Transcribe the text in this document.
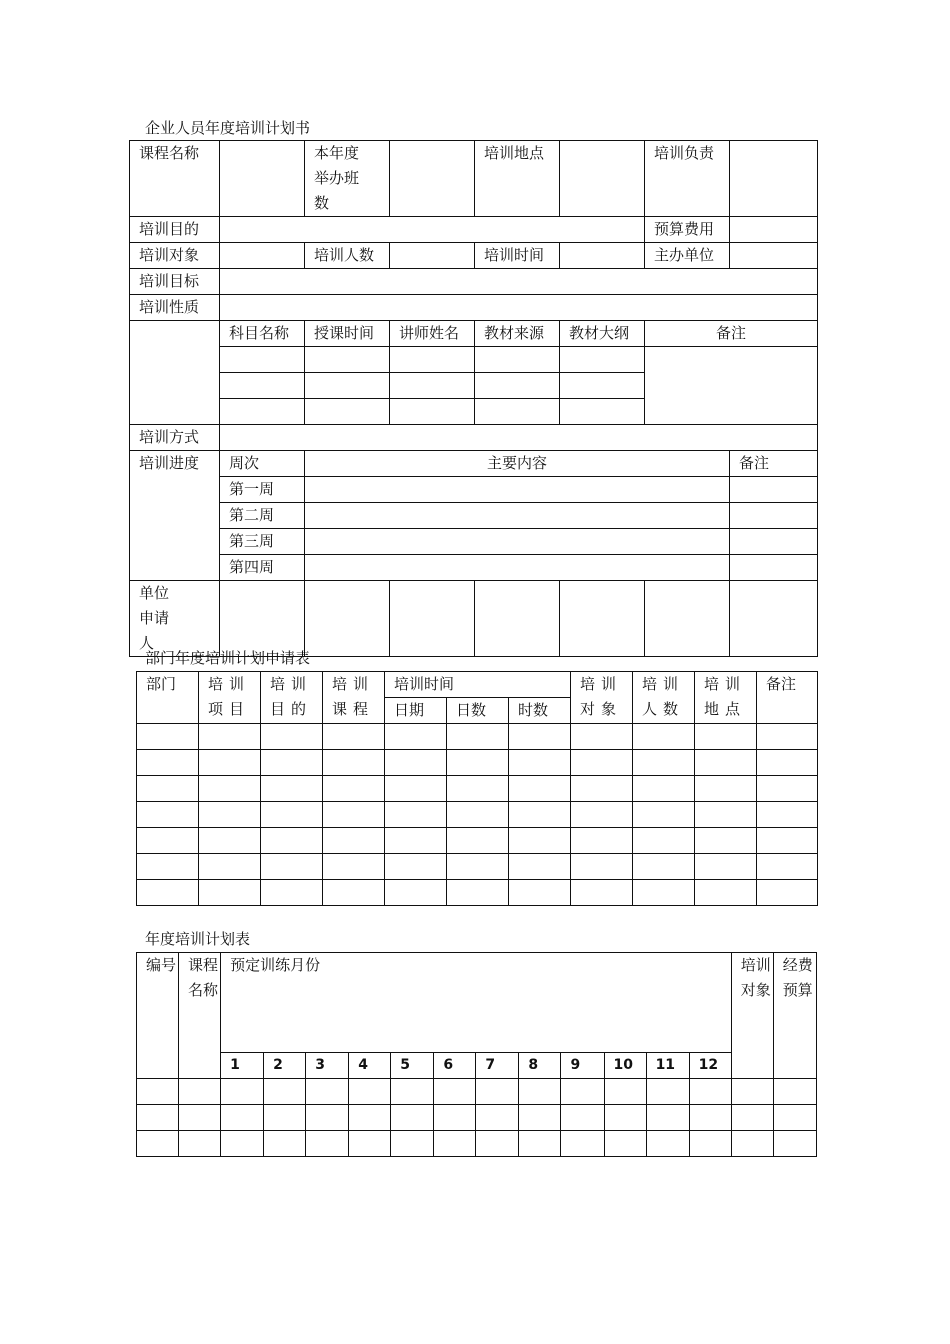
企业人员年度培训计划书
课程名称		本年度举办班数		培训地点		培训负责	
培训目的						预算费用	
培训对象		培训人数		培训时间		主办单位	
培训目标							
培训性质							
	科目名称	授课时间	讲师姓名	教材来源	教材大纲	备注	

培训方式							
培训进度	周次	主要内容					备注
	第一周						
	第二周						
	第三周						
	第四周						
单位申请人							
部门年度培训计划申请表
部门	培训项目	培训目的	培训课程	培训时间			培训对象	培训人数	培训地点	备注
				日期	日数	时数				

年度培训计划表
编号	课程名称	预定训练月份												培训对象	经费预算
		1	2	3	4	5	6	7	8	9	10	11	12		
